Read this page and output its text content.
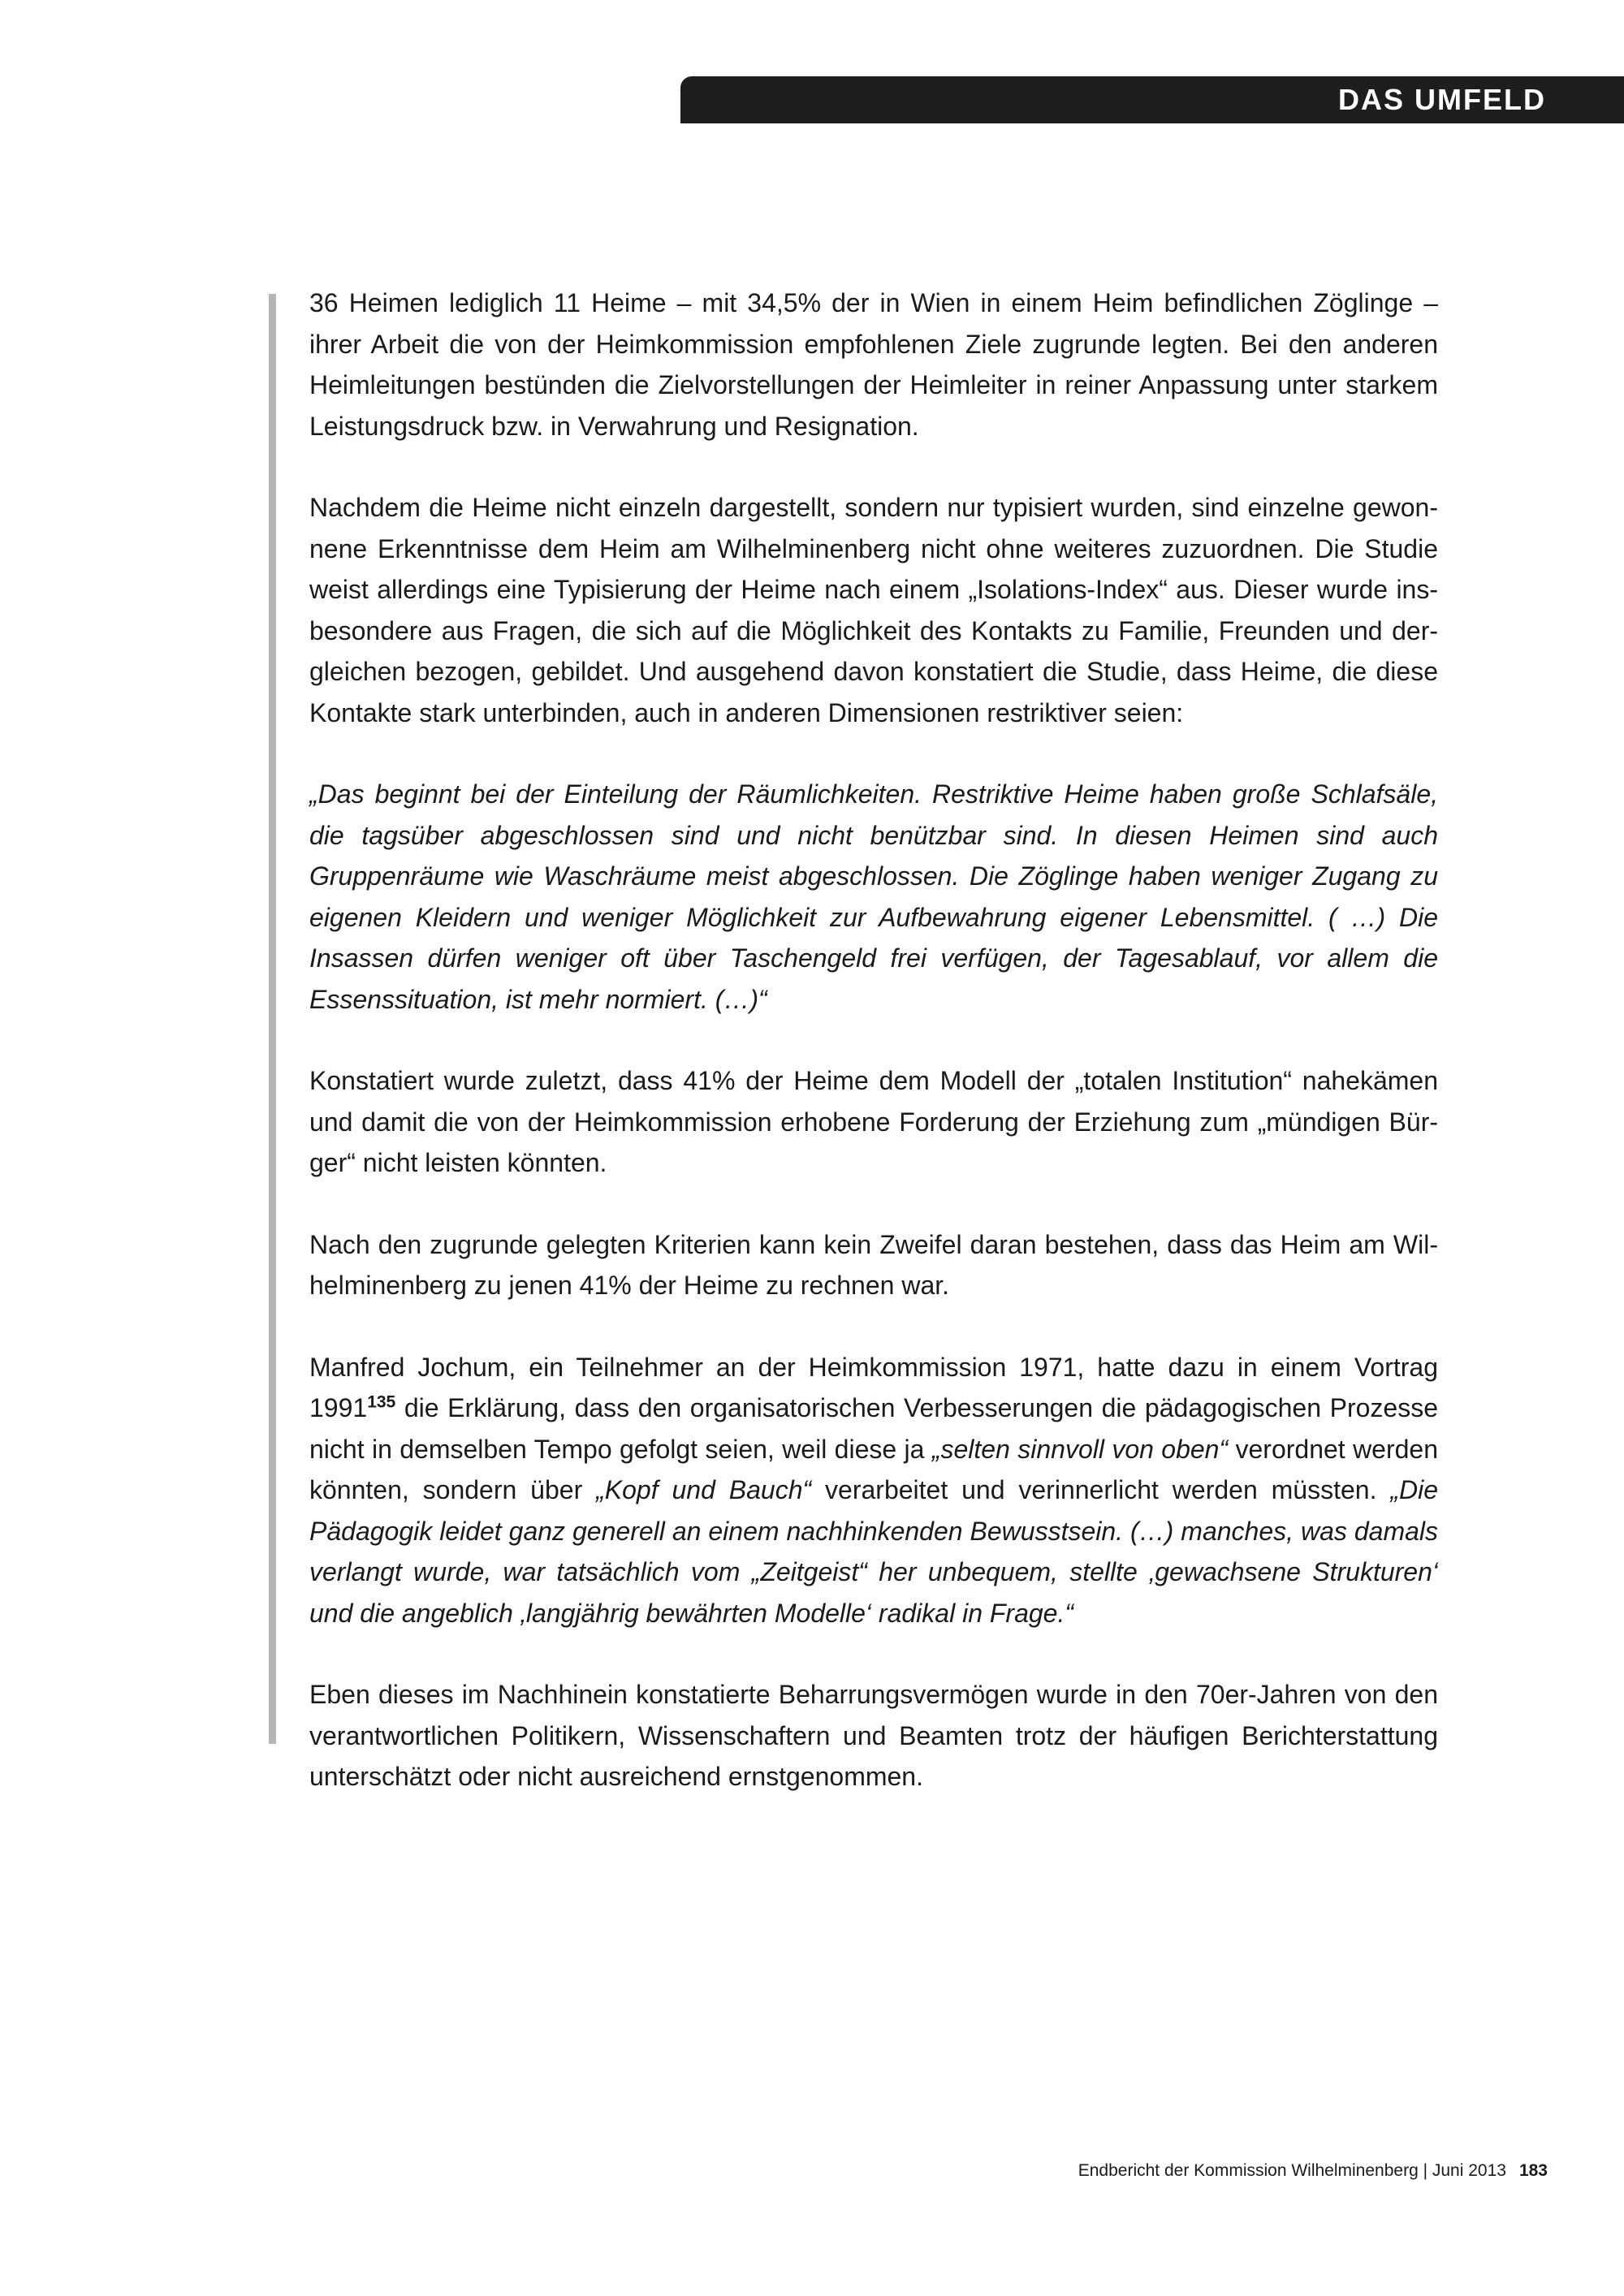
DAS UMFELD

36 Heimen lediglich 11 Heime – mit 34,5% der in Wien in einem Heim befindlichen Zöglinge – ihrer Arbeit die von der Heimkommission empfohlenen Ziele zugrunde legten. Bei den anderen Heimleitungen bestünden die Zielvorstellungen der Heimleiter in reiner Anpassung unter starkem Leistungsdruck bzw. in Verwahrung und Resignation.

Nachdem die Heime nicht einzeln dargestellt, sondern nur typisiert wurden, sind einzelne gewonnene Erkenntnisse dem Heim am Wilhelminenberg nicht ohne weiteres zuzuordnen. Die Studie weist allerdings eine Typisierung der Heime nach einem „Isolations-Index“ aus. Dieser wurde insbesondere aus Fragen, die sich auf die Möglichkeit des Kontakts zu Familie, Freunden und dergleichen bezogen, gebildet. Und ausgehend davon konstatiert die Studie, dass Heime, die diese Kontakte stark unterbinden, auch in anderen Dimensionen restriktiver seien:

„Das beginnt bei der Einteilung der Räumlichkeiten. Restriktive Heime haben große Schlafsäle, die tagsüber abgeschlossen sind und nicht benützbar sind. In diesen Heimen sind auch Gruppenräume wie Waschräume meist abgeschlossen. Die Zöglinge haben weniger Zugang zu eigenen Kleidern und weniger Möglichkeit zur Aufbewahrung eigener Lebensmittel. ( …) Die Insassen dürfen weniger oft über Taschengeld frei verfügen, der Tagesablauf, vor allem die Essenssituation, ist mehr normiert. (…)“

Konstatiert wurde zuletzt, dass 41% der Heime dem Modell der „totalen Institution“ nahekämen und damit die von der Heimkommission erhobene Forderung der Erziehung zum „mündigen Bürger“ nicht leisten könnten.

Nach den zugrunde gelegten Kriterien kann kein Zweifel daran bestehen, dass das Heim am Wilhelminenberg zu jenen 41% der Heime zu rechnen war.

Manfred Jochum, ein Teilnehmer an der Heimkommission 1971, hatte dazu in einem Vortrag 1991$^{135}$ die Erklärung, dass den organisatorischen Verbesserungen die pädagogischen Prozesse nicht in demselben Tempo gefolgt seien, weil diese ja „selten sinnvoll von oben“ verordnet werden könnten, sondern über „Kopf und Bauch“ verarbeitet und verinnerlicht werden müssten. „Die Pädagogik leidet ganz generell an einem nachhinkenden Bewusstsein. (…) manches, was damals verlangt wurde, war tatsächlich vom „Zeitgeist“ her unbequem, stellte ‚gewachsene Strukturen‘ und die angeblich ‚langjährig bewährten Modelle‘ radikal in Frage.“

Eben dieses im Nachhinein konstatierte Beharrungsvermögen wurde in den 70er-Jahren von den verantwortlichen Politikern, Wissenschaftern und Beamten trotz der häufigen Berichterstattung unterschätzt oder nicht ausreichend ernstgenommen.

Endbericht der Kommission Wilhelminenberg | Juni 2013 183
